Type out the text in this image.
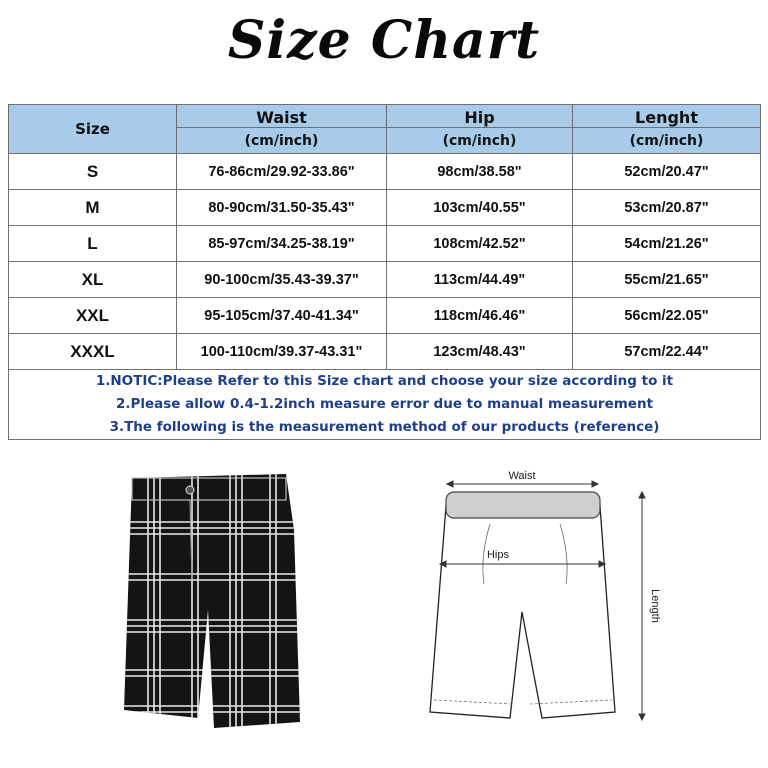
Size Chart
Size	Waist	Hip	Lenght
	(cm/inch)	(cm/inch)	(cm/inch)
S	76-86cm/29.92-33.86"	98cm/38.58"	52cm/20.47"
M	80-90cm/31.50-35.43"	103cm/40.55"	53cm/20.87"
L	85-97cm/34.25-38.19"	108cm/42.52"	54cm/21.26"
XL	90-100cm/35.43-39.37"	113cm/44.49"	55cm/21.65"
XXL	95-105cm/37.40-41.34"	118cm/46.46"	56cm/22.05"
XXXL	100-110cm/39.37-43.31"	123cm/48.43"	57cm/22.44"

1.NOTIC:Please Refer to this Size chart and choose your size according to it
2.Please allow 0.4-1.2inch measure error due to manual measurement
3.The following is the measurement method of our products (reference)			
Waist
Hips
Length
